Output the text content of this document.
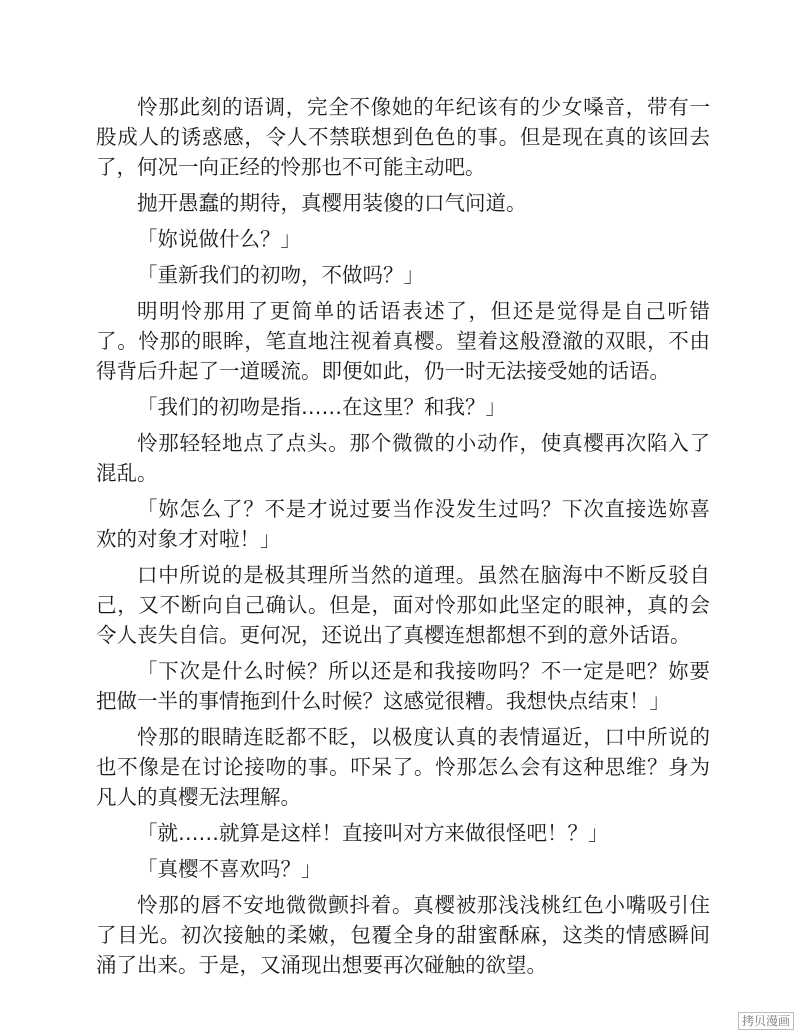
怜那此刻的语调，完全不像她的年纪该有的少女嗓音，带有一股成人的诱惑感，令人不禁联想到色色的事。但是现在真的该回去了，何况一向正经的怜那也不可能主动吧。

抛开愚蠢的期待，真樱用装傻的口气问道。

「妳说做什么？」

「重新我们的初吻，不做吗？」

明明怜那用了更简单的话语表述了，但还是觉得是自己听错了。怜那的眼眸，笔直地注视着真樱。望着这般澄澈的双眼，不由得背后升起了一道暖流。即便如此，仍一时无法接受她的话语。

「我们的初吻是指……在这里？和我？」

怜那轻轻地点了点头。那个微微的小动作，使真樱再次陷入了混乱。

「妳怎么了？不是才说过要当作没发生过吗？下次直接选妳喜欢的对象才对啦！」

口中所说的是极其理所当然的道理。虽然在脑海中不断反驳自己，又不断向自己确认。但是，面对怜那如此坚定的眼神，真的会令人丧失自信。更何况，还说出了真樱连想都想不到的意外话语。

「下次是什么时候？所以还是和我接吻吗？不一定是吧？妳要把做一半的事情拖到什么时候？这感觉很糟。我想快点结束！」

怜那的眼睛连眨都不眨，以极度认真的表情逼近，口中所说的也不像是在讨论接吻的事。吓呆了。怜那怎么会有这种思维？身为凡人的真樱无法理解。

「就……就算是这样！直接叫对方来做很怪吧！？」

「真樱不喜欢吗？」

怜那的唇不安地微微颤抖着。真樱被那浅浅桃红色小嘴吸引住了目光。初次接触的柔嫩，包覆全身的甜蜜酥麻，这类的情感瞬间涌了出来。于是，又涌现出想要再次碰触的欲望。

拷贝漫画
